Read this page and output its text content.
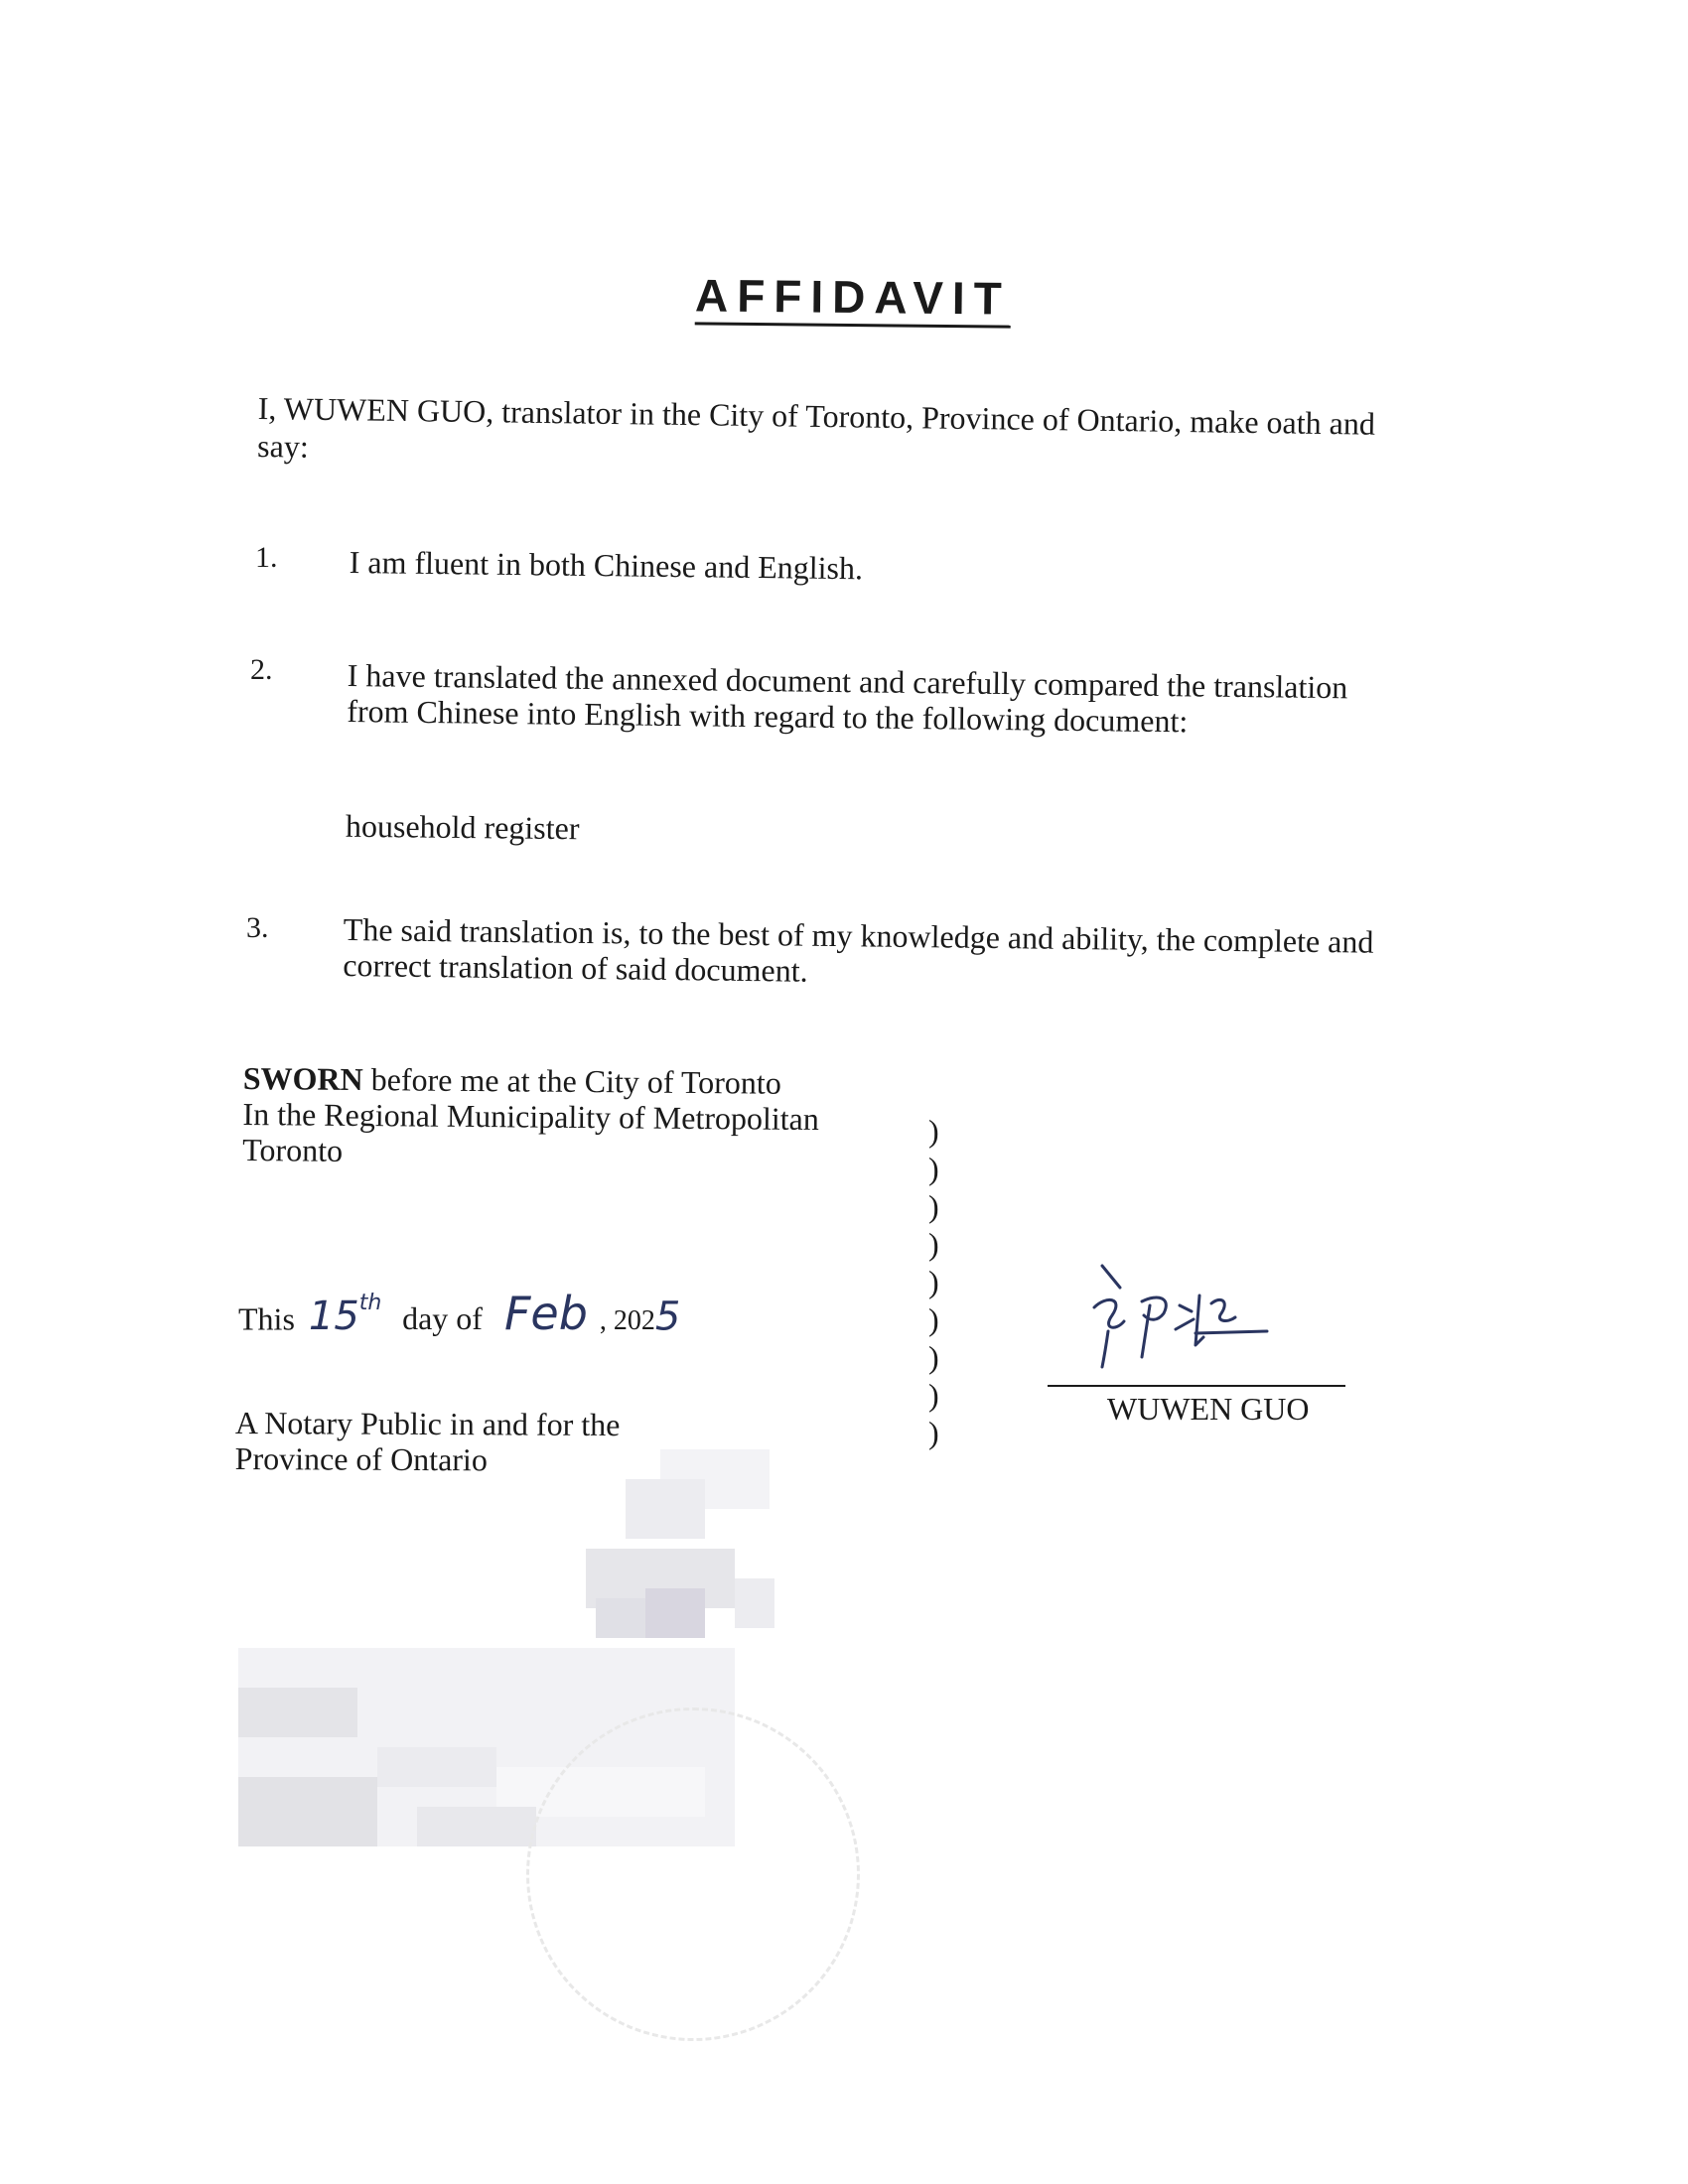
AFFIDAVIT
I, WUWEN GUO, translator in the City of Toronto, Province of Ontario, make oath and say:
1. I am fluent in both Chinese and English.
2. I have translated the annexed document and carefully compared the translation from Chinese into English with regard to the following document:
household register
3. The said translation is, to the best of my knowledge and ability, the complete and correct translation of said document.
SWORN before me at the City of Toronto
In the Regional Municipality of Metropolitan
Toronto
)
)
)
)
)
)
)
)
)
This 15th day of Feb , 2025
A Notary Public in and for the
Province of Ontario
WUWEN GUO
